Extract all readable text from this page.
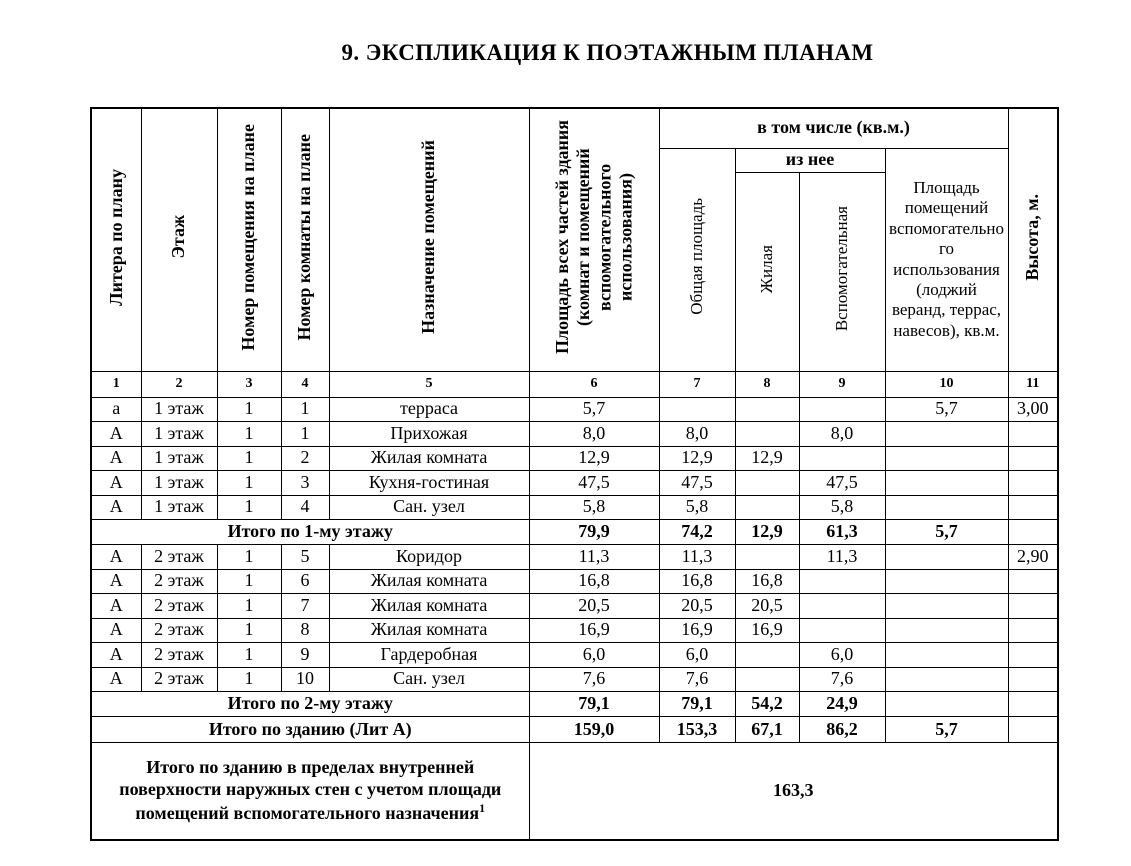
9. ЭКСПЛИКАЦИЯ К ПОЭТАЖНЫМ ПЛАНАМ
Литера по плану	Этаж	Номер помещения на плане	Номер комнаты на плане	Назначение помещений	Площадь всех частей здания (комнат и помещений вспомогательного использования)	в том числе (кв.м.)				Высота, м.
						Общая площадь	из нее		Площадь помещений вспомогательного использования (лоджий веранд, террас, навесов), кв.м.	
							Жилая	Вспомогательная		
1	2	3	4	5	6	7	8	9	10	11
а	1 этаж	1	1	терраса	5,7				5,7	3,00
А	1 этаж	1	1	Прихожая	8,0	8,0		8,0		
А	1 этаж	1	2	Жилая комната	12,9	12,9	12,9			
А	1 этаж	1	3	Кухня-гостиная	47,5	47,5		47,5		
А	1 этаж	1	4	Сан. узел	5,8	5,8		5,8		
Итого по 1-му этажу					79,9	74,2	12,9	61,3	5,7	
А	2 этаж	1	5	Коридор	11,3	11,3		11,3		2,90
А	2 этаж	1	6	Жилая комната	16,8	16,8	16,8			
А	2 этаж	1	7	Жилая комната	20,5	20,5	20,5			
А	2 этаж	1	8	Жилая комната	16,9	16,9	16,9			
А	2 этаж	1	9	Гардеробная	6,0	6,0		6,0		
А	2 этаж	1	10	Сан. узел	7,6	7,6		7,6		
Итого по 2-му этажу					79,1	79,1	54,2	24,9		
Итого по зданию (Лит А)					159,0	153,3	67,1	86,2	5,7	
Итого по зданию в пределах внутренней поверхности наружных стен с учетом площади помещений вспомогательного назначения$^1$					163,3					
